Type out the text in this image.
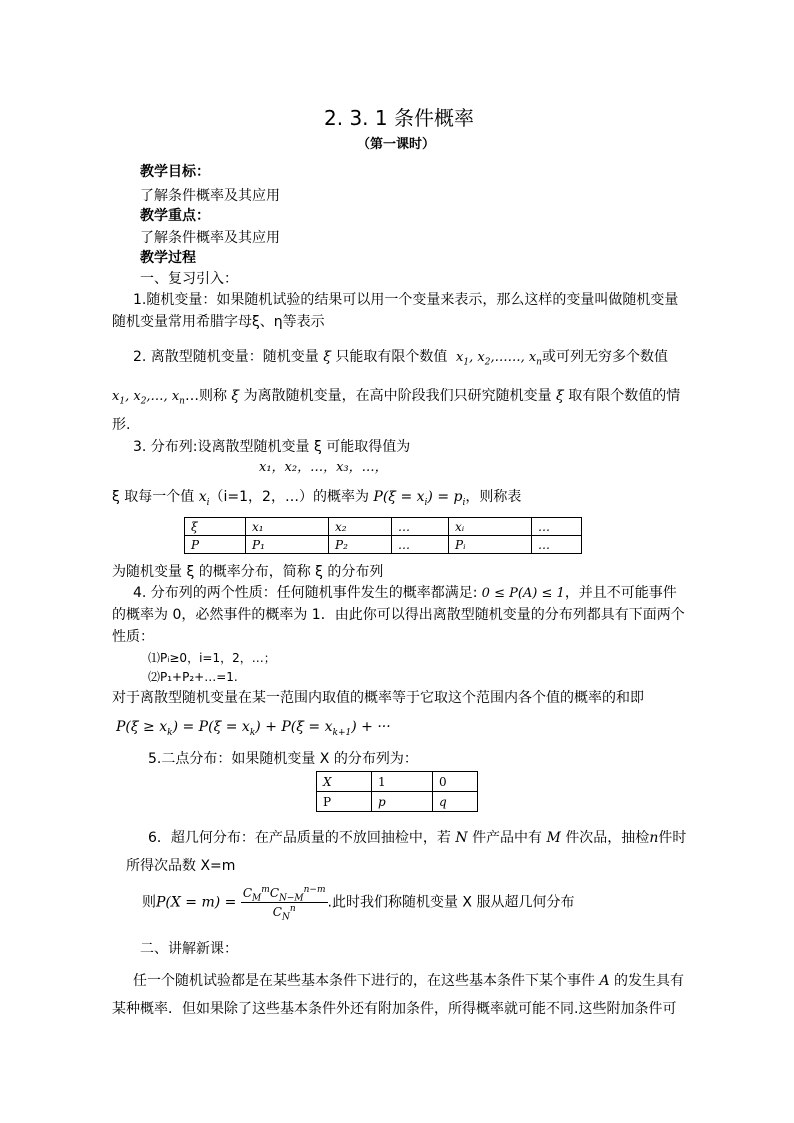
2. 3. 1 条件概率
（第一课时）
教学目标：
了解条件概率及其应用
教学重点：
了解条件概率及其应用
教学过程
一、复习引入：
1.随机变量：如果随机试验的结果可以用一个变量来表示，那么这样的变量叫做随机变量
随机变量常用希腊字母ξ、η等表示
2. 离散型随机变量：随机变量 ξ 只能取有限个数值  $x_1$, $x_2,\dots\dots$, $x_n$或可列无穷多个数值
$x_1$, $x_2,\dots$, $x_n\dots$则称 ξ 为离散随机变量，在高中阶段我们只研究随机变量 ξ 取有限个数值的情
形.
3. 分布列:设离散型随机变量 ξ 可能取得值为
x₁，x₂，…，x₃，…，
ξ 取每一个值 $x_i(i=1$，2，…）的概率为 $P(\xi = x_i) = p_i$，则称表
ξ	x₁	x₂	…	xᵢ	…
P	P₁	P₂	…	Pᵢ	…
为随机变量 ξ 的概率分布，简称 ξ 的分布列
4. 分布列的两个性质：任何随机事件发生的概率都满足: 0 ≤ P(A) ≤ 1，并且不可能事件
的概率为 0，必然事件的概率为 1．由此你可以得出离散型随机变量的分布列都具有下面两个
性质：
⑴Pᵢ≥0，i=1，2，…；
⑵P₁+P₂+…=1.
对于离散型随机变量在某一范围内取值的概率等于它取这个范围内各个值的概率的和即
$P(\xi \ge x_k) = P(\xi = x_k) + P(\xi = x_{k+1})$ + ···
5.二点分布：如果随机变量 X 的分布列为：
X	1	0
P	p	q
6．超几何分布：在产品质量的不放回抽检中，若 N 件产品中有 M 件次品，抽检n件时
所得次品数 X=m
则$P(X = m) = \frac{C_M^mC_{N-M}^{n-m}}{C_N^n}$ .此时我们称随机变量 X 服从超几何分布
二、讲解新课：
任一个随机试验都是在某些基本条件下进行的，在这些基本条件下某个事件 A 的发生具有
某种概率．但如果除了这些基本条件外还有附加条件，所得概率就可能不同.这些附加条件可
